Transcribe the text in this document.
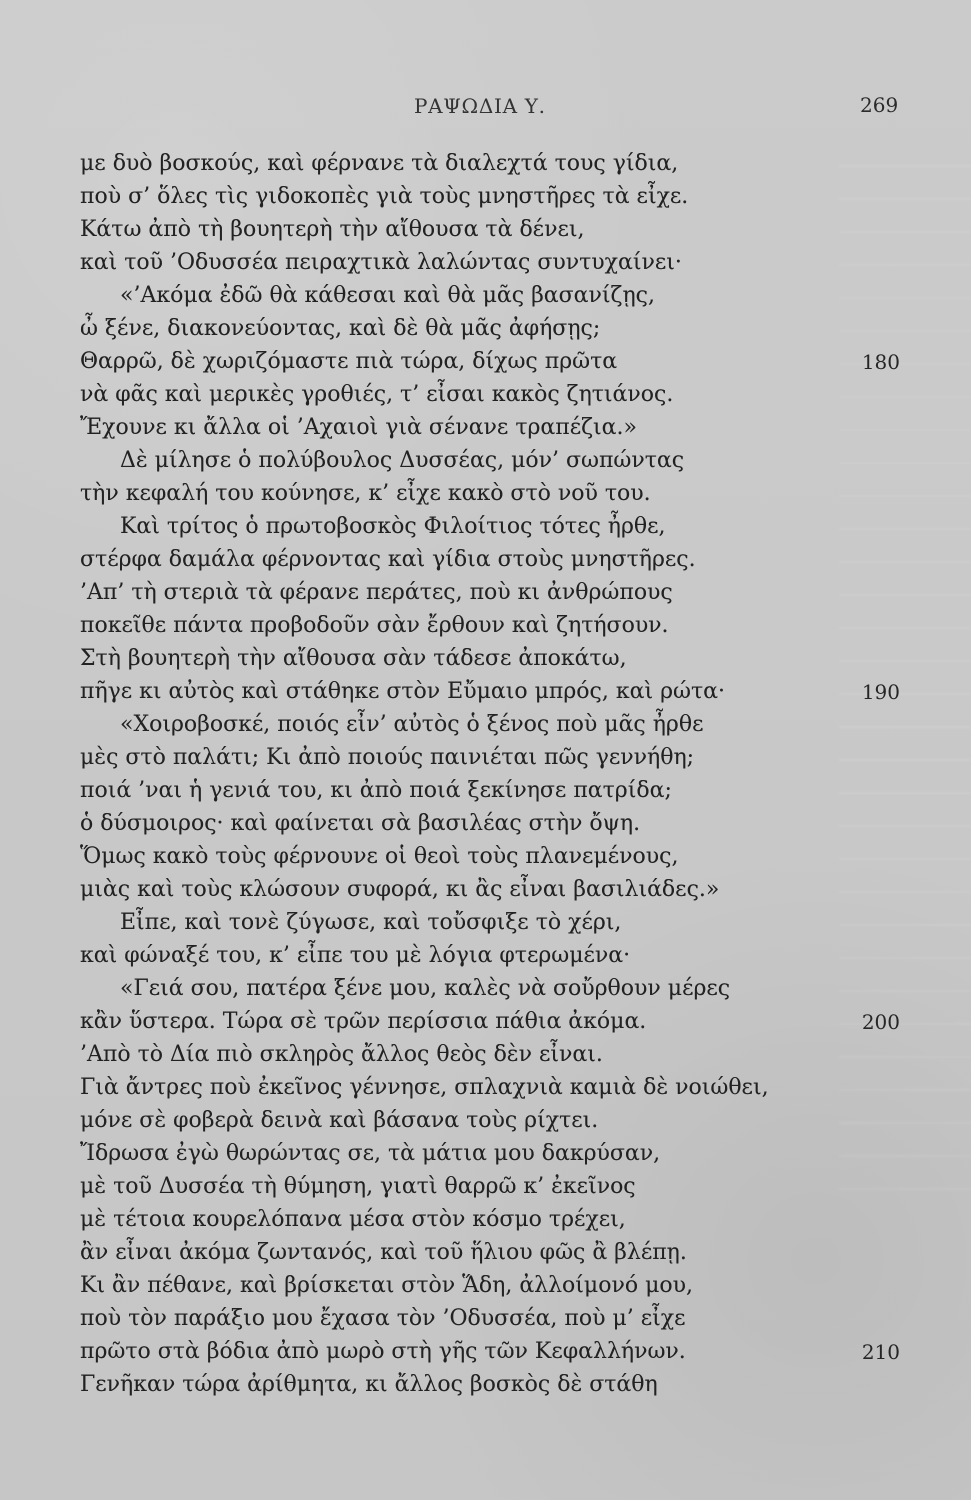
ΡΑΨΩΔΙΑ Υ.	269
με δυὸ βοσκούς, καὶ φέρνανε τὰ διαλεχτά τους γίδια,
ποὺ σ’ ὅλες τὶς γιδοκοπὲς γιὰ τοὺς μνηστῆρες τὰ εἶχε.
Κάτω ἀπὸ τὴ βουητερὴ τὴν αἴθουσα τὰ δένει,
καὶ τοῦ ’Οδυσσέα πειραχτικὰ λαλώντας συντυχαίνει·
«’Ακόμα ἐδῶ θὰ κάθεσαι καὶ θὰ μᾶς βασανίζῃς,
ὦ ξένε, διακονεύοντας, καὶ δὲ θὰ μᾶς ἀφήσῃς;
Θαρρῶ, δὲ χωριζόμαστε πιὰ τώρα, δίχως πρῶτα	180
νὰ φᾶς καὶ μερικὲς γροθιές, τ’ εἶσαι κακὸς ζητιάνος.
Ἔχουνε κι ἄλλα οἱ ’Αχαιοὶ γιὰ σένανε τραπέζια.»
Δὲ μίλησε ὁ πολύβουλος Δυσσέας, μόν’ σωπώντας
τὴν κεφαλή του κούνησε, κ’ εἶχε κακὸ στὸ νοῦ του.
Καὶ τρίτος ὁ πρωτοβοσκὸς Φιλοίτιος τότες ἦρθε,
στέρφα δαμάλα φέρνοντας καὶ γίδια στοὺς μνηστῆρες.
’Απ’ τὴ στεριὰ τὰ φέρανε περάτες, ποὺ κι ἀνθρώπους
ποκεῖθε πάντα προβοδοῦν σὰν ἔρθουν καὶ ζητήσουν.
Στὴ βουητερὴ τὴν αἴθουσα σὰν τάδεσε ἀποκάτω,
πῆγε κι αὐτὸς καὶ στάθηκε στὸν Εὔμαιο μπρός, καὶ ρώτα·	190
«Χοιροβοσκέ, ποιός εἶν’ αὐτὸς ὁ ξένος ποὺ μᾶς ἦρθε
μὲς στὸ παλάτι; Κι ἀπὸ ποιούς παινιέται πῶς γεννήθη;
ποιά ’ναι ἡ γενιά του, κι ἀπὸ ποιά ξεκίνησε πατρίδα;
ὁ δύσμοιρος· καὶ φαίνεται σὰ βασιλέας στὴν ὄψη.
Ὅμως κακὸ τοὺς φέρνουνε οἱ θεοὶ τοὺς πλανεμένους,
μιὰς καὶ τοὺς κλώσουν συφορά, κι ἂς εἶναι βασιλιάδες.»
Εἶπε, καὶ τονὲ ζύγωσε, καὶ τοὔσφιξε τὸ χέρι,
καὶ φώναξέ του, κ’ εἶπε του μὲ λόγια φτερωμένα·
«Γειά σου, πατέρα ξένε μου, καλὲς νὰ σοὔρθουν μέρες
κἂν ὕστερα. Τώρα σὲ τρῶν περίσσια πάθια ἀκόμα.	200
’Απὸ τὸ Δία πιὸ σκληρὸς ἄλλος θεὸς δὲν εἶναι.
Γιὰ ἄντρες ποὺ ἐκεῖνος γέννησε, σπλαχνιὰ καμιὰ δὲ νοιώθει,
μόνε σὲ φοβερὰ δεινὰ καὶ βάσανα τοὺς ρίχτει.
Ἴδρωσα ἐγὼ θωρώντας σε, τὰ μάτια μου δακρύσαν,
μὲ τοῦ Δυσσέα τὴ θύμηση, γιατὶ θαρρῶ κ’ ἐκεῖνος
μὲ τέτοια κουρελόπανα μέσα στὸν κόσμο τρέχει,
ἂν εἶναι ἀκόμα ζωντανός, καὶ τοῦ ἥλιου φῶς ἂ βλέπῃ.
Κι ἂν πέθανε, καὶ βρίσκεται στὸν Ἅδη, ἀλλοίμονό μου,
ποὺ τὸν παράξιο μου ἔχασα τὸν ’Οδυσσέα, ποὺ μ’ εἶχε
πρῶτο στὰ βόδια ἀπὸ μωρὸ στὴ γῆς τῶν Κεφαλλήνων.	210
Γενῆκαν τώρα ἀρίθμητα, κι ἄλλος βοσκὸς δὲ στάθη
